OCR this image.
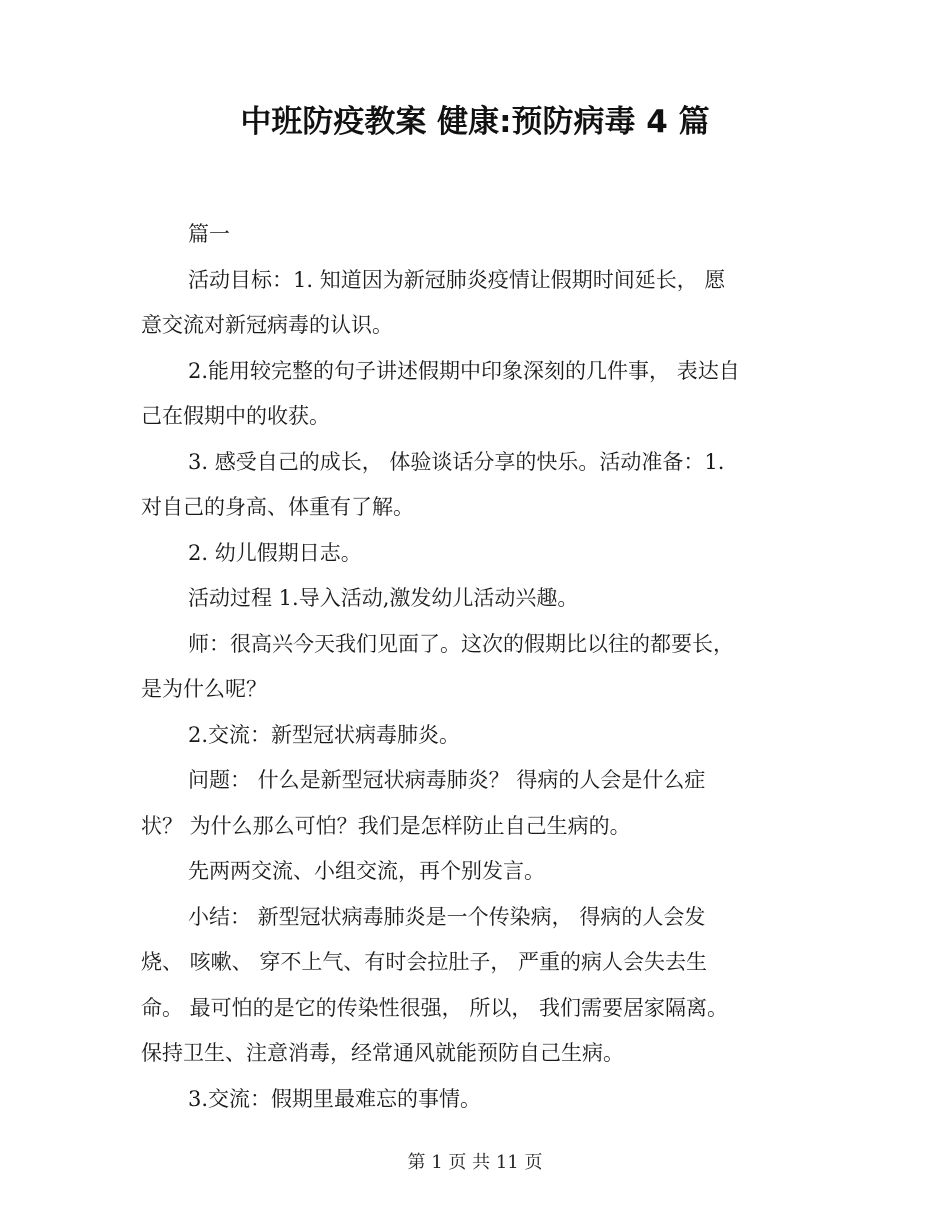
中班防疫教案 健康:预防病毒 4 篇
篇一
活动目标：1. 知道因为新冠肺炎疫情让假期时间延长， 愿
意交流对新冠病毒的认识。
2.能用较完整的句子讲述假期中印象深刻的几件事， 表达自
己在假期中的收获。
3. 感受自己的成长， 体验谈话分享的快乐。活动准备：1.
对自己的身高、体重有了解。
2. 幼儿假期日志。
活动过程 1.导入活动,激发幼儿活动兴趣。
师：很高兴今天我们见面了。这次的假期比以往的都要长，
是为什么呢？
2.交流：新型冠状病毒肺炎。
问题： 什么是新型冠状病毒肺炎？ 得病的人会是什么症
状？ 为什么那么可怕？我们是怎样防止自己生病的。
先两两交流、小组交流，再个别发言。
小结： 新型冠状病毒肺炎是一个传染病， 得病的人会发
烧、 咳嗽、 穿不上气、有时会拉肚子， 严重的病人会失去生
命。 最可怕的是它的传染性很强， 所以， 我们需要居家隔离。
保持卫生、注意消毒，经常通风就能预防自己生病。
3.交流：假期里最难忘的事情。
第 1 页 共 11 页
